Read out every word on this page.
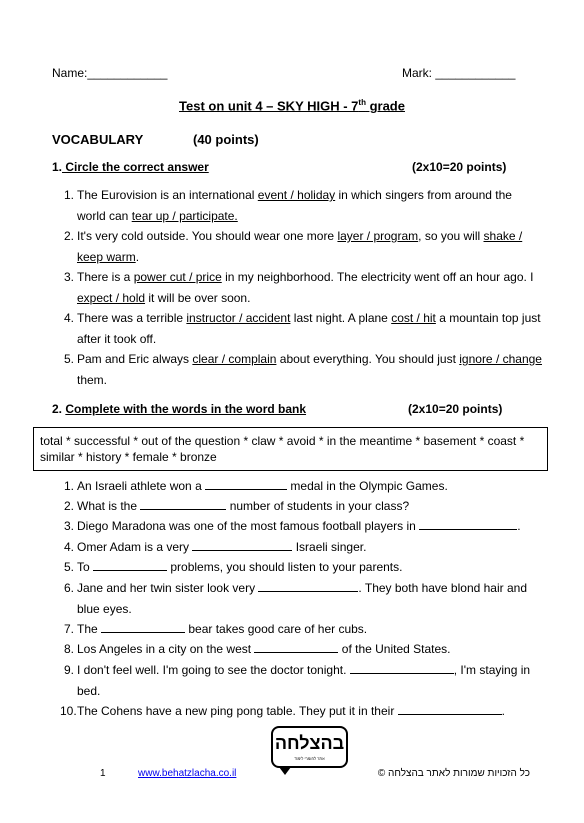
Name:____________	Mark: ____________
Test on unit 4 – SKY HIGH - 7th grade
VOCABULARY	(40 points)
1. Circle the correct answer	(2x10=20 points)
1. The Eurovision is an international event / holiday in which singers from around the world can tear up / participate.
2. It's very cold outside. You should wear one more layer / program, so you will shake / keep warm.
3. There is a power cut / price in my neighborhood. The electricity went off an hour ago. I expect / hold it will be over soon.
4. There was a terrible instructor / accident last night. A plane cost / hit a mountain top just after it took off.
5. Pam and Eric always clear / complain about everything. You should just ignore / change them.
2. Complete with the words in the word bank	(2x10=20 points)
total * successful * out of the question * claw * avoid * in the meantime * basement * coast * similar * history * female * bronze
1. An Israeli athlete won a	medal in the Olympic Games.
2. What is the	number of students in your class?
3. Diego Maradona was one of the most famous football players in	.
4. Omer Adam is a very	Israeli singer.
5. To	problems, you should listen to your parents.
6. Jane and her twin sister look very	. They both have blond hair and blue eyes.
7. The	bear takes good care of her cubs.
8. Los Angeles in a city on the west	of the United States.
9. I don't feel well. I'm going to see the doctor tonight.	, I'm staying in bed.
10. The Cohens have a new ping pong table. They put it in their	.
בהצלחה
אתר לחומרי לימוד
1	www.behatzlacha.co.il	כל הזכויות שמורות לאתר בהצלחה ©
